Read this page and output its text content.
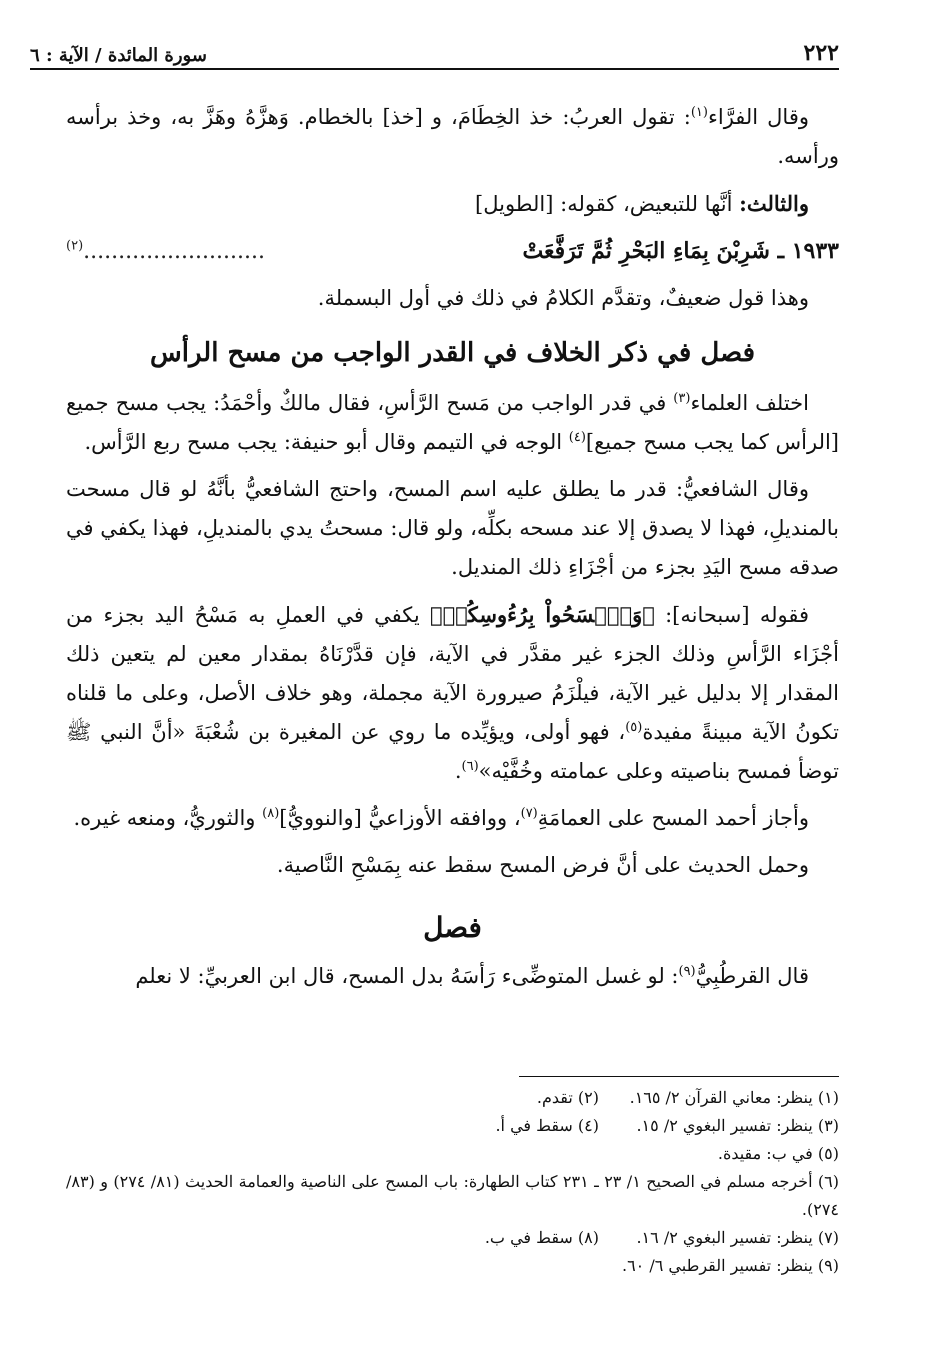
٢٢٢
سورة المائدة / الآية : ٦

وقال الفرَّاء$^{(١)}$: تقول العربُ: خذ الخِطَامَ، و [خذ] بالخطام. وَهزَّهُ وهَزَّ به، وخذ برأسه ورأسه.

والثالث: أنَّها للتبعيض، كقوله: [الطويل]

١٩٣٣ ـ شَرِبْنَ بِمَاءِ البَحْرِ ثُمَّ تَرَفَّعَتْ
..........................$^{(٢)}$

وهذا قول ضعيفٌ، وتقدَّم الكلامُ في ذلك في أول البسملة.

فصل في ذكر الخلاف في القدر الواجب من مسح الرأس

اختلف العلماء$^{(٣)}$ في قدر الواجب من مَسح الرَّأسِ، فقال مالكٌ وأحْمَدُ: يجب مسح جميع [الرأس كما يجب مسح جميع]$^{(٤)}$ الوجه في التيمم وقال أبو حنيفة: يجب مسح ربع الرَّأس.

وقال الشافعيُّ: قدر ما يطلق عليه اسم المسح، واحتج الشافعيُّ بأنَّهُ لو قال مسحت بالمنديلِ، فهذا لا يصدق إلا عند مسحه بكلِّه، ولو قال: مسحتُ يدي بالمنديلِ، فهذا يكفي في صدقه مسح اليَدِ بجزء من أجْزَاءِ ذلك المنديل.

فقوله [سبحانه]: ﴿وَٱمۡسَحُواْ بِرُءُوسِكُمۡ﴾ يكفي في العملِ به مَسْحُ اليد بجزء من أجْزَاء الرَّأسِ وذلك الجزء غير مقدَّر في الآية، فإن قدَّرْنَاهُ بمقدار معين لم يتعين ذلك المقدار إلا بدليل غير الآية، فيلْزَمُ صيرورة الآية مجملة، وهو خلاف الأصل، وعلى ما قلناه تكونُ الآية مبينةً مفيدة$^{(٥)}$، فهو أولى، ويؤيِّده ما روي عن المغيرة بن شُعْبَةَ «أنَّ النبي ﷺ توضأ فمسح بناصيته وعلى عمامته وخُفَّيْه»$^{(٦)}$.

وأجاز أحمد المسح على العمامَةِ$^{(٧)}$، ووافقه الأوزاعيُّ [والنوويُّ]$^{(٨)}$ والثوريُّ، ومنعه غيره.

وحمل الحديث على أنَّ فرض المسح سقط عنه بِمَسْحِ النَّاصية.

فصل

قال القرطُبِيُّ$^{(٩)}$: لو غسل المتوضِّىء رَأسَهُ بدل المسح، قال ابن العربيِّ: لا نعلم

(١) ينظر: معاني القرآن ٢/ ١٦٥.
(٢) تقدم.
(٣) ينظر: تفسير البغوي ٢/ ١٥.
(٤) سقط في أ.
(٥) في ب: مقيدة.
(٦) أخرجه مسلم في الصحيح ١/ ٢٣ ـ ٢٣١ كتاب الطهارة: باب المسح على الناصية والعمامة الحديث (٨١/ ٢٧٤) و (٨٣/ ٢٧٤).
(٧) ينظر: تفسير البغوي ٢/ ١٦.
(٨) سقط في ب.
(٩) ينظر: تفسير القرطبي ٦/ ٦٠.
